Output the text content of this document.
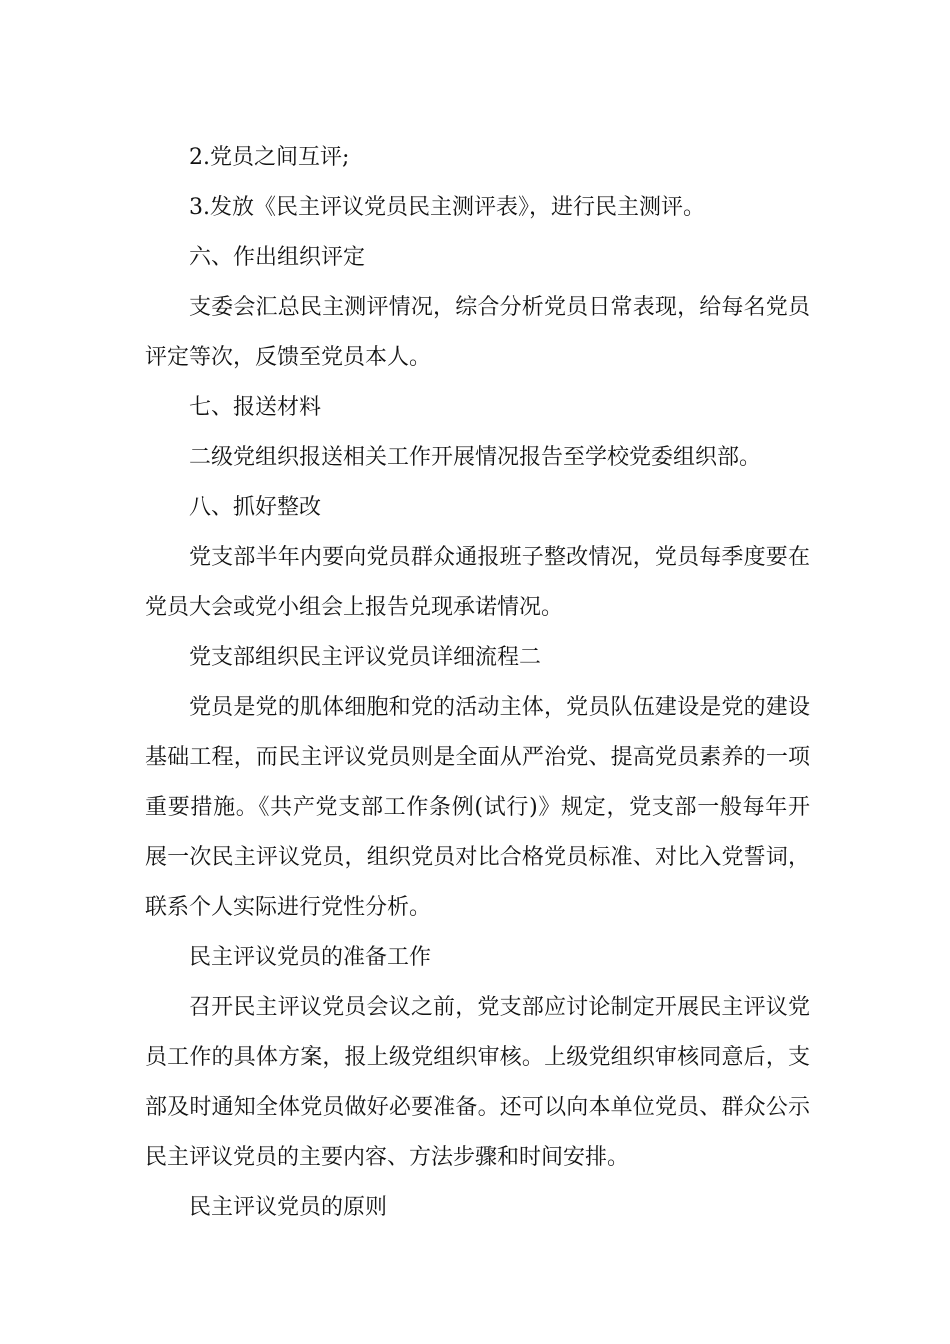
2.党员之间互评;

3.发放《民主评议党员民主测评表》，进行民主测评。

六、作出组织评定

支委会汇总民主测评情况，综合分析党员日常表现，给每名党员评定等次，反馈至党员本人。

七、报送材料

二级党组织报送相关工作开展情况报告至学校党委组织部。

八、抓好整改

党支部半年内要向党员群众通报班子整改情况，党员每季度要在党员大会或党小组会上报告兑现承诺情况。

党支部组织民主评议党员详细流程二

党员是党的肌体细胞和党的活动主体，党员队伍建设是党的建设基础工程，而民主评议党员则是全面从严治党、提高党员素养的一项重要措施。《共产党支部工作条例(试行)》规定，党支部一般每年开展一次民主评议党员，组织党员对比合格党员标准、对比入党誓词，联系个人实际进行党性分析。

民主评议党员的准备工作

召开民主评议党员会议之前，党支部应讨论制定开展民主评议党员工作的具体方案，报上级党组织审核。上级党组织审核同意后，支部及时通知全体党员做好必要准备。还可以向本单位党员、群众公示民主评议党员的主要内容、方法步骤和时间安排。

民主评议党员的原则
